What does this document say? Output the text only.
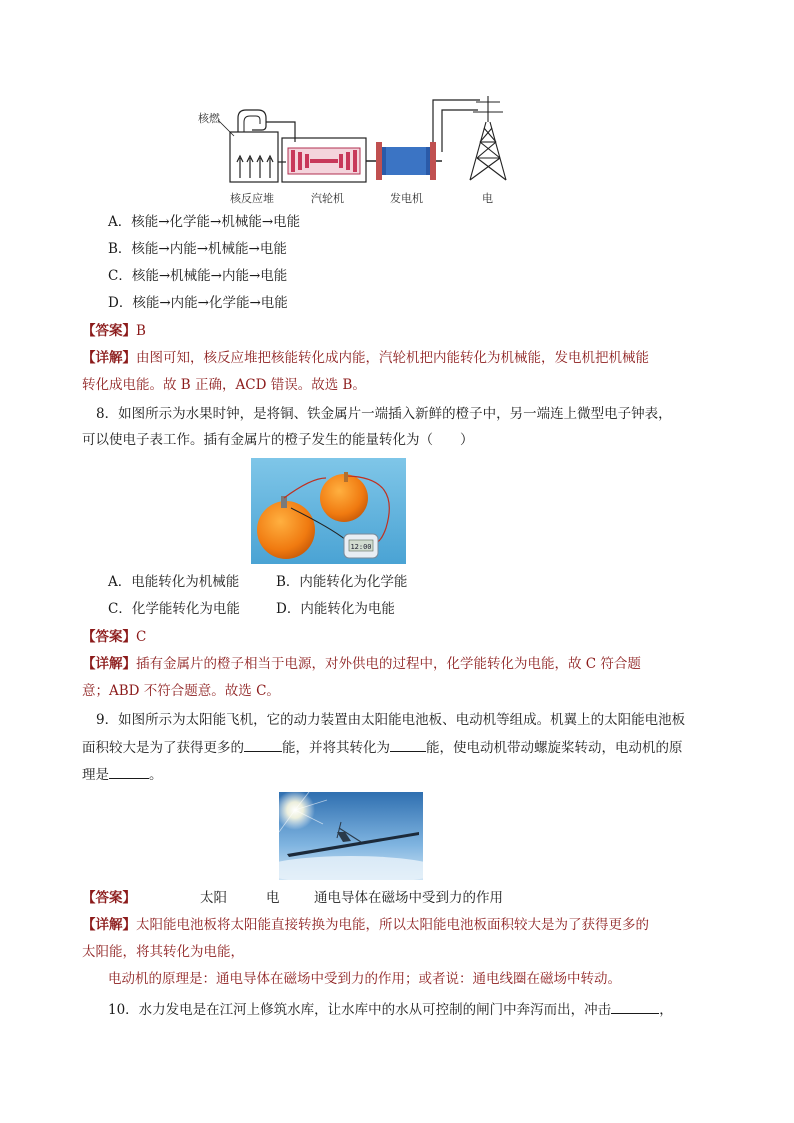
核燃
核反应堆	汽轮机	发电机	电
A．核能→化学能→机械能→电能
B．核能→内能→机械能→电能
C．核能→机械能→内能→电能
D．核能→内能→化学能→电能
【答案】B
【详解】由图可知，核反应堆把核能转化成内能，汽轮机把内能转化为机械能，发电机把机械能
转化成电能。故 B 正确，ACD 错误。故选 B。
8．如图所示为水果时钟，是将铜、铁金属片一端插入新鲜的橙子中，另一端连上微型电子钟表，
可以使电子表工作。插有金属片的橙子发生的能量转化为（　　）
12:00
A．电能转化为机械能	B．内能转化为化学能
C．化学能转化为电能	D．内能转化为电能
【答案】C
【详解】插有金属片的橙子相当于电源，对外供电的过程中，化学能转化为电能，故 C 符合题
意；ABD 不符合题意。故选 C。
9．如图所示为太阳能飞机，它的动力装置由太阳能电池板、电动机等组成。机翼上的太阳能电池板
面积较大是为了获得更多的	能，并将其转化为	能，使电动机带动螺旋桨转动，电动机的原
理是	。
【答案】	太阳	电	通电导体在磁场中受到力的作用
【详解】太阳能电池板将太阳能直接转换为电能，所以太阳能电池板面积较大是为了获得更多的
太阳能，将其转化为电能，
电动机的原理是：通电导体在磁场中受到力的作用；或者说：通电线圈在磁场中转动。
10．水力发电是在江河上修筑水库，让水库中的水从可控制的闸门中奔泻而出，冲击	，
